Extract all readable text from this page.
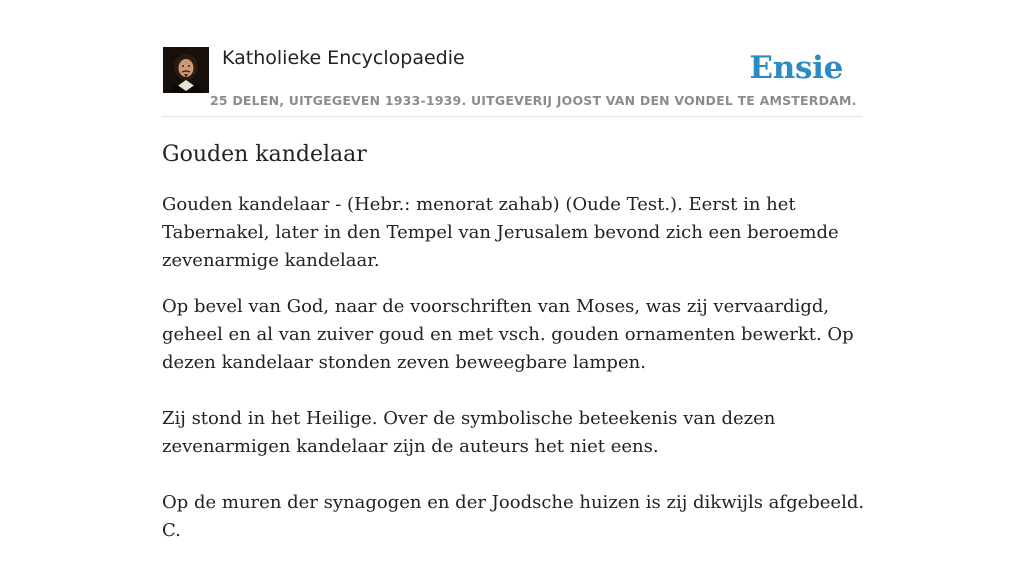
Katholieke Encyclopaedie
25 DELEN, UITGEGEVEN 1933-1939. UITGEVERIJ JOOST VAN DEN VONDEL TE AMSTERDAM.
Ensie
Gouden kandelaar

Gouden kandelaar - (Hebr.: menorat zahab) (Oude Test.). Eerst in het Tabernakel, later in den Tempel van Jerusalem bevond zich een beroemde zevenarmige kandelaar.

Op bevel van God, naar de voorschriften van Moses, was zij vervaardigd, geheel en al van zuiver goud en met vsch. gouden ornamenten bewerkt. Op dezen kandelaar stonden zeven beweegbare lampen.

Zij stond in het Heilige. Over de symbolische beteekenis van dezen zevenarmigen kandelaar zijn de auteurs het niet eens.

Op de muren der synagogen en der Joodsche huizen is zij dikwijls afgebeeld. C.
